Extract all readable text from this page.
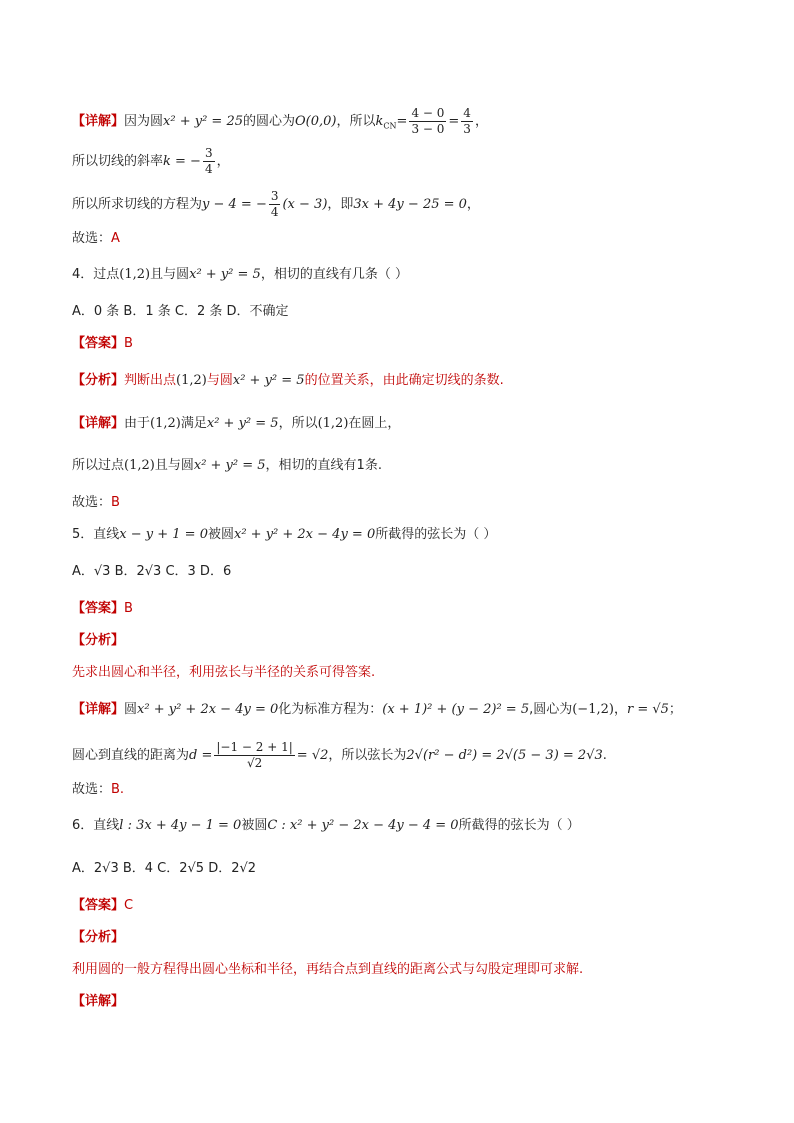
【详解】因为圆x² + y² = 25的圆心为O(0,0)，所以$k_{CN}= \frac{4 - 0}{3 - 0} = \frac{4}{3}$ ，
所以切线的斜率k = − $\frac{3}{4}$ ，
所以所求切线的方程为y − 4 = − $\frac{3}{4} (x - 3)$，即3x + 4y − 25 = 0，
故选：A
4．过点(1,2)且与圆x² + y² = 5，相切的直线有几条（ ）
A．0 条 B．1 条 C．2 条 D．不确定
【答案】B
【分析】判断出点(1,2)与圆x² + y² = 5的位置关系，由此确定切线的条数.
【详解】由于(1,2)满足x² + y² = 5，所以(1,2)在圆上，
所以过点(1,2)且与圆x² + y² = 5，相切的直线有1条.
故选：B
5．直线x − y + 1 = 0被圆x² + y² + 2x − 4y = 0所截得的弦长为（ ）
A．√3 B．2√3 C．3 D．6
【答案】B
【分析】
先求出圆心和半径，利用弦长与半径的关系可得答案.
【详解】圆x² + y² + 2x − 4y = 0化为标准方程为：(x + 1)² + (y − 2)² = 5,圆心为(−1,2)，r = √5；
圆心到直线的距离为$d = \frac{|-1 - 2 + 1|}{√2} = √2$，所以弦长为2√(r² − d²) = 2√(5 − 3) = 2√3.
故选：B.
6．直线l : 3x + 4y − 1 = 0被圆C : x² + y² − 2x − 4y − 4 = 0所截得的弦长为（ ）
A．2√3 B．4 C．2√5 D．2√2
【答案】C
【分析】
利用圆的一般方程得出圆心坐标和半径，再结合点到直线的距离公式与勾股定理即可求解.
【详解】
